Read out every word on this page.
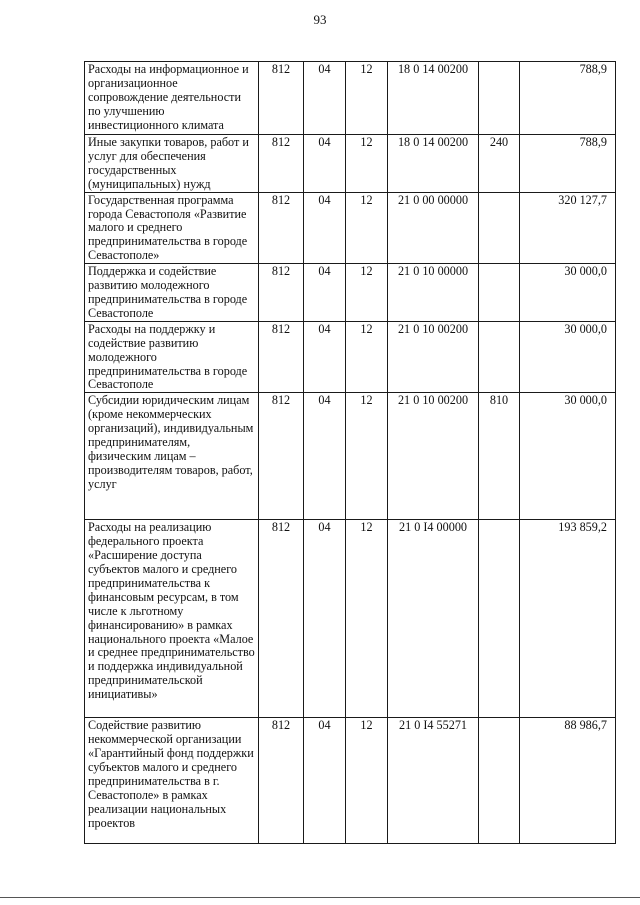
93
Расходы на информационное и организационное сопровождение деятельности по улучшению инвестиционного климата	812	04	12	18 0 14 00200		788,9
Иные закупки товаров, работ и услуг для обеспечения государственных (муниципальных) нужд	812	04	12	18 0 14 00200	240	788,9
Государственная программа города Севастополя «Развитие малого и среднего предпринимательства в городе Севастополе»	812	04	12	21 0 00 00000		320 127,7
Поддержка и содействие развитию молодежного предпринимательства в городе Севастополе	812	04	12	21 0 10 00000		30 000,0
Расходы на поддержку и содействие развитию молодежного предпринимательства в городе Севастополе	812	04	12	21 0 10 00200		30 000,0
Субсидии юридическим лицам (кроме некоммерческих организаций), индивидуальным предпринимателям, физическим лицам – производителям товаров, работ, услуг	812	04	12	21 0 10 00200	810	30 000,0
Расходы на реализацию федерального проекта «Расширение доступа субъектов малого и среднего предпринимательства к финансовым ресурсам, в том числе к льготному финансированию» в рамках национального проекта «Малое и среднее предпринимательство и поддержка индивидуальной предпринимательской инициативы»	812	04	12	21 0 I4 00000		193 859,2
Содействие развитию некоммерческой организации «Гарантийный фонд поддержки субъектов малого и среднего предпринимательства в г. Севастополе» в рамках реализации национальных проектов	812	04	12	21 0 I4 55271		88 986,7
